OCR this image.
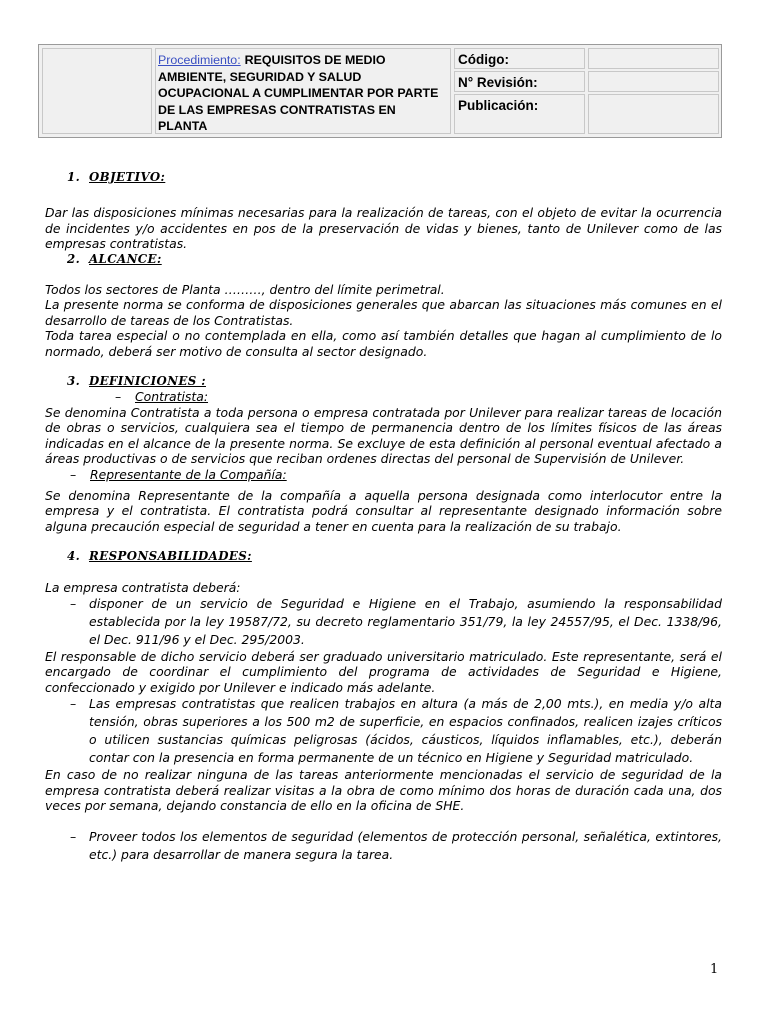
Procedimiento: REQUISITOS DE MEDIO AMBIENTE, SEGURIDAD Y SALUD OCUPACIONAL A CUMPLIMENTAR POR PARTE DE LAS EMPRESAS CONTRATISTAS EN PLANTA
Código:
N° Revisión:
Publicación:

1. OBJETIVO:

Dar las disposiciones mínimas necesarias para la realización de tareas, con el objeto de evitar la ocurrencia de incidentes y/o accidentes en pos de la preservación de vidas y bienes, tanto de Unilever como de las empresas contratistas.

2. ALCANCE:

Todos los sectores de Planta ………, dentro del límite perimetral.

La presente norma se conforma de disposiciones generales que abarcan las situaciones más comunes en el desarrollo de tareas de los Contratistas.

Toda tarea especial o no contemplada en ella, como así también detalles que hagan al cumplimiento de lo normado, deberá ser motivo de consulta al sector designado.

3. DEFINICIONES :

–	Contratista:

Se denomina Contratista a toda persona o empresa contratada por Unilever para realizar tareas de locación de obras o servicios, cualquiera sea el tiempo de permanencia dentro de los límites físicos de las áreas indicadas en el alcance de la presente norma. Se excluye de esta definición al personal eventual afectado a áreas productivas o de servicios que reciban ordenes directas del personal de Supervisión de Unilever.

– Representante de la Compañía:

Se denomina Representante de la compañía a aquella persona designada como interlocutor entre la empresa y el contratista. El contratista podrá consultar al representante designado información sobre alguna precaución especial de seguridad a tener en cuenta para la realización de su trabajo.

4. RESPONSABILIDADES:

La empresa contratista deberá:

– disponer de un servicio de Seguridad e Higiene en el Trabajo, asumiendo la responsabilidad establecida por la ley 19587/72, su decreto reglamentario 351/79, la ley 24557/95, el Dec. 1338/96, el Dec. 911/96 y el Dec. 295/2003.

El responsable de dicho servicio deberá ser graduado universitario matriculado. Este representante, será el encargado de coordinar el cumplimiento del programa de actividades de Seguridad e Higiene, confeccionado y exigido por Unilever e indicado más adelante.

– Las empresas contratistas que realicen trabajos en altura (a más de 2,00 mts.), en media y/o alta tensión, obras superiores a los 500 m2 de superficie, en espacios confinados, realicen izajes críticos o utilicen sustancias químicas peligrosas (ácidos, cáusticos, líquidos inflamables, etc.), deberán contar con la presencia en forma permanente de un técnico en Higiene y Seguridad matriculado.

En caso de no realizar ninguna de las tareas anteriormente mencionadas el servicio de seguridad de la empresa contratista deberá realizar visitas a la obra de como mínimo dos horas de duración cada una, dos veces por semana, dejando constancia de ello en la oficina de SHE.

– Proveer todos los elementos de seguridad (elementos de protección personal, señalética, extintores, etc.) para desarrollar de manera segura la tarea.

1
